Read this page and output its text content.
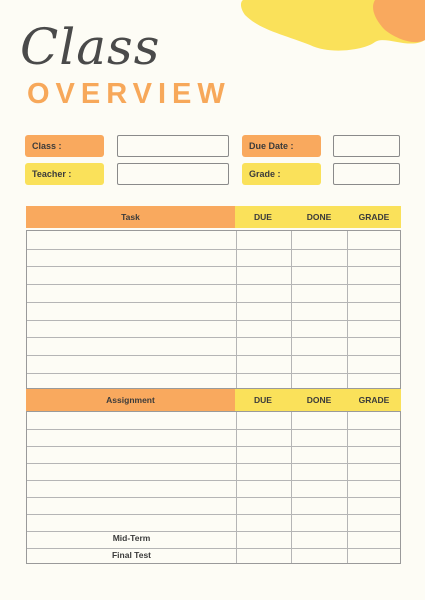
Class
OVERVIEW
Class :	Due Date :
Teacher :	Grade :
Task	DUE	DONE	GRADE
Assignment	DUE	DONE	GRADE
Mid-Term
Final Test
